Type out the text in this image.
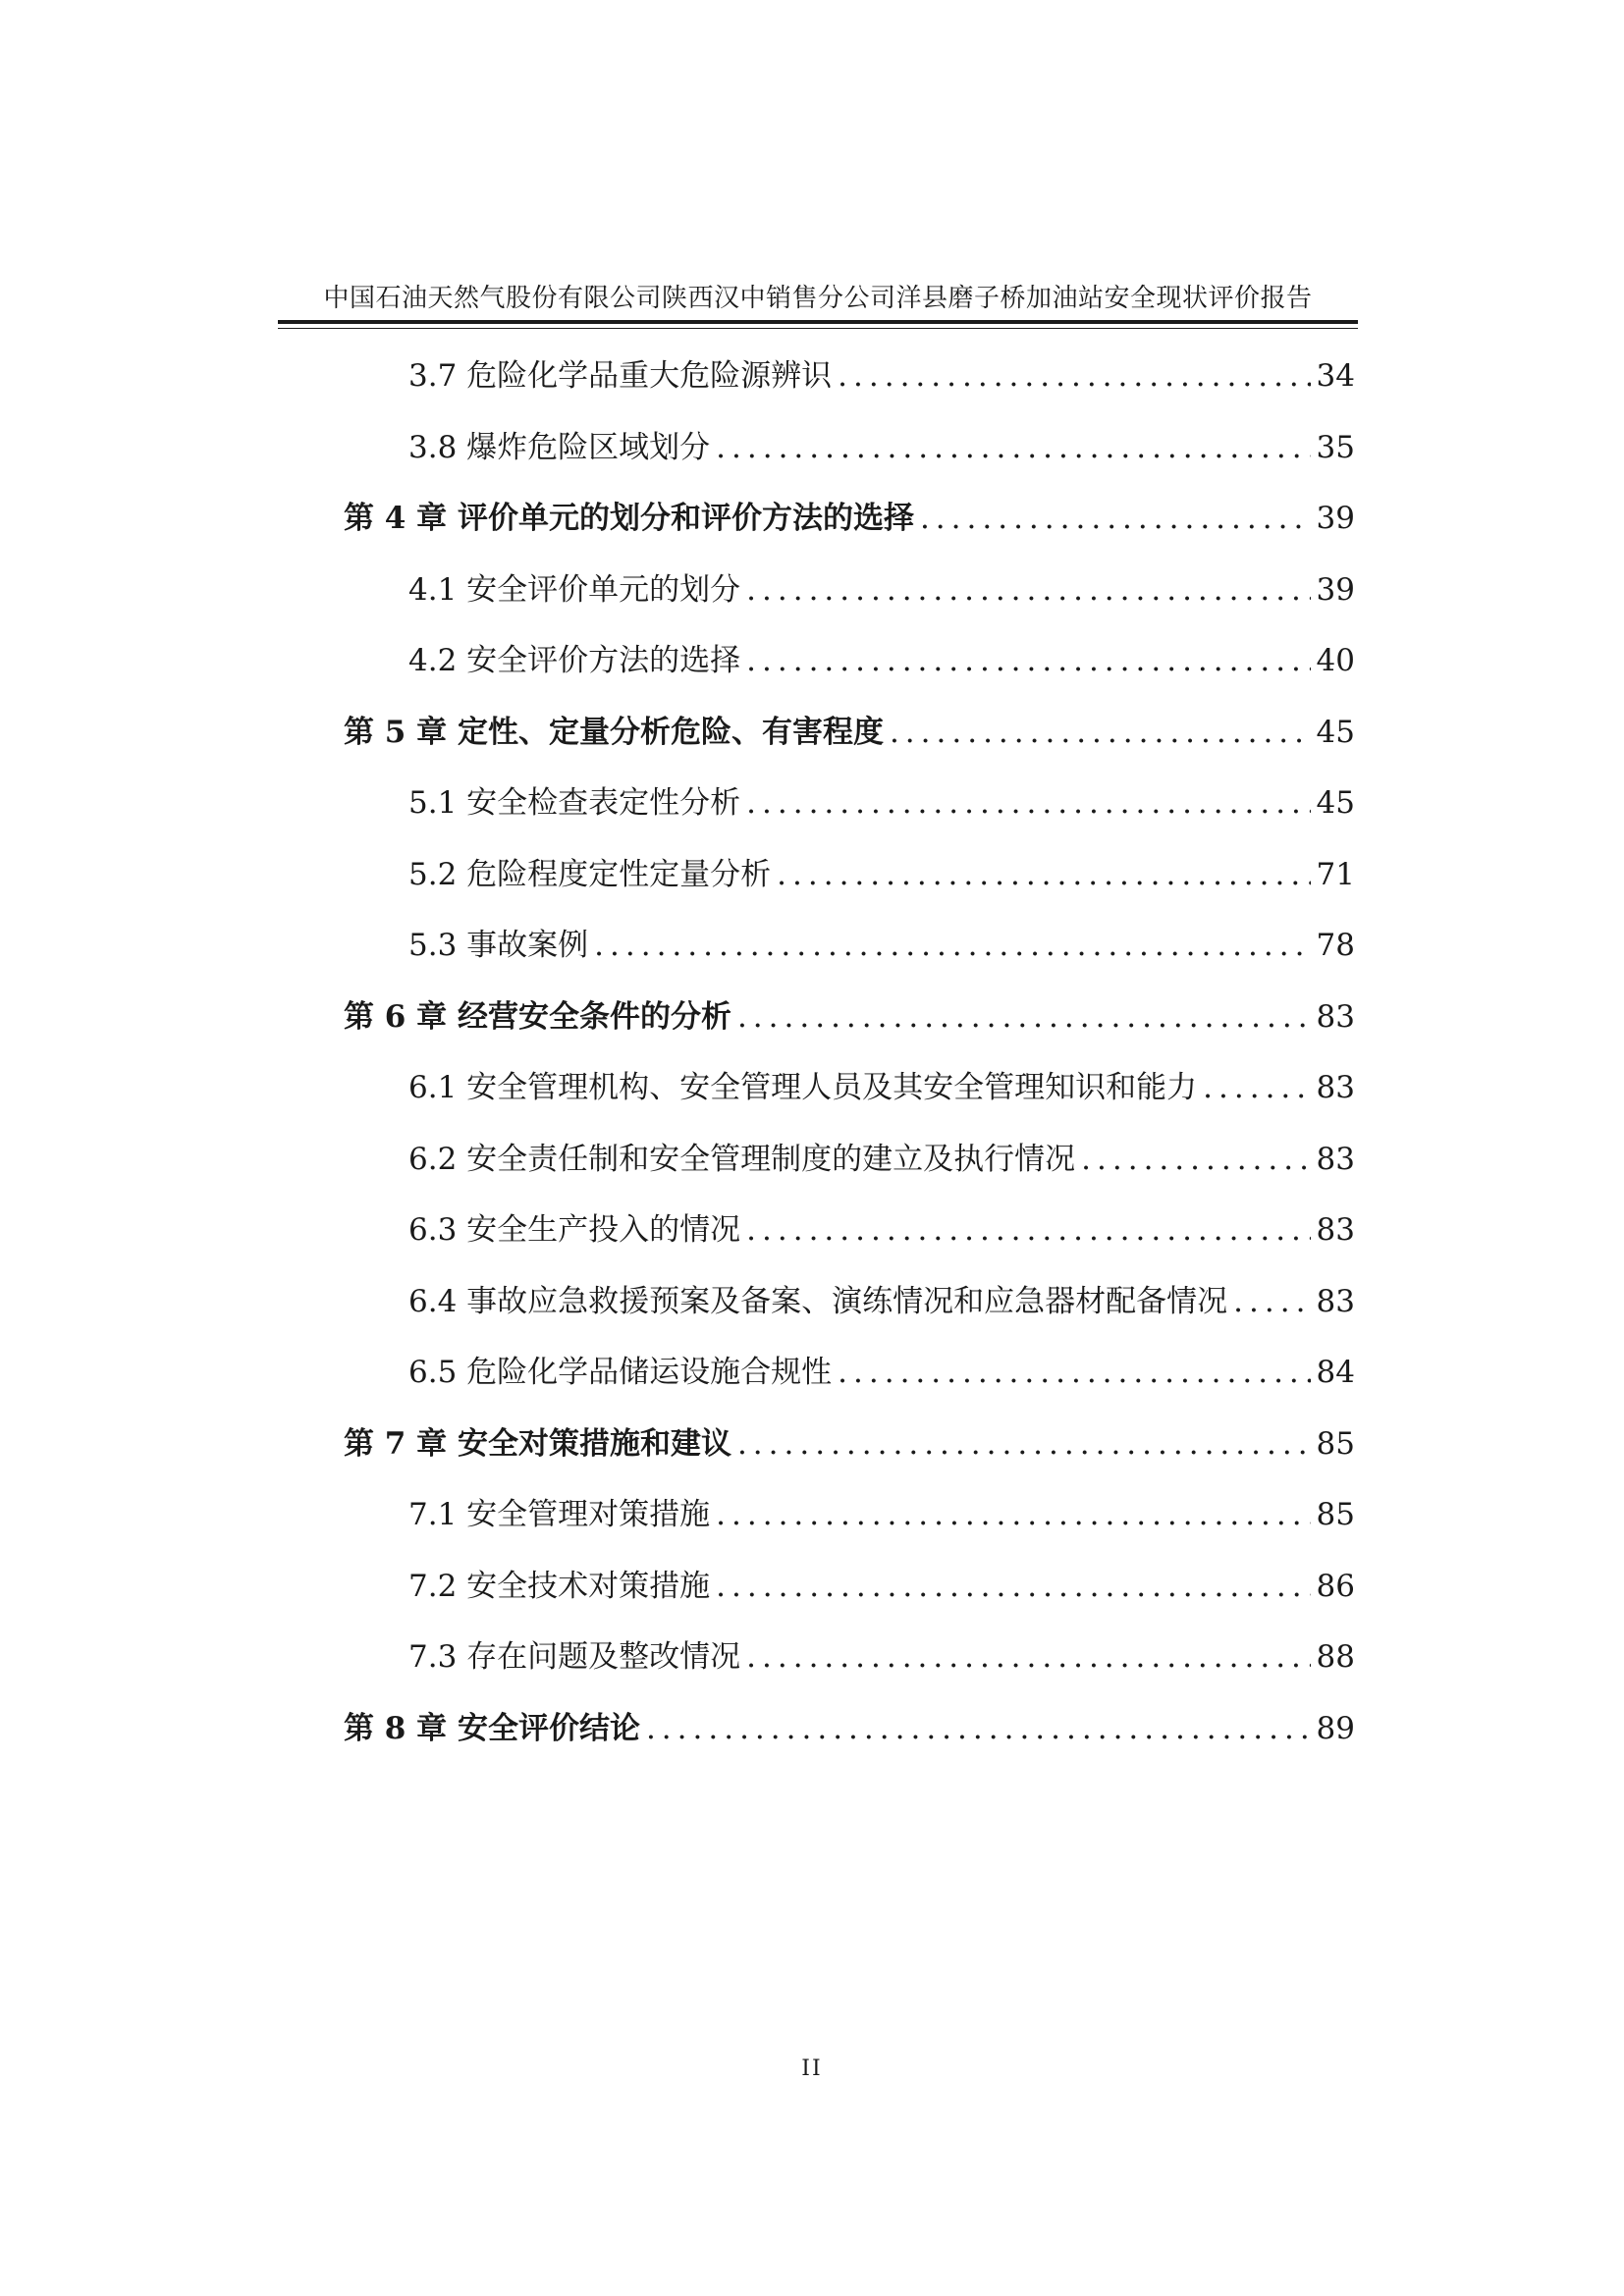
中国石油天然气股份有限公司陕西汉中销售分公司洋县磨子桥加油站安全现状评价报告
3.7 危险化学品重大危险源辨识 .....	34
3.8 爆炸危险区域划分 .....	35
第 4 章 评价单元的划分和评价方法的选择 .....	39
4.1 安全评价单元的划分 .....	39
4.2 安全评价方法的选择 .....	40
第 5 章 定性、定量分析危险、有害程度 .....	45
5.1 安全检查表定性分析 .....	45
5.2 危险程度定性定量分析 .....	71
5.3 事故案例 .....	78
第 6 章 经营安全条件的分析 .....	83
6.1 安全管理机构、安全管理人员及其安全管理知识和能力 .....	83
6.2 安全责任制和安全管理制度的建立及执行情况 .....	83
6.3 安全生产投入的情况 .....	83
6.4 事故应急救援预案及备案、演练情况和应急器材配备情况 .....	83
6.5 危险化学品储运设施合规性 .....	84
第 7 章 安全对策措施和建议 .....	85
7.1 安全管理对策措施 .....	85
7.2 安全技术对策措施 .....	86
7.3 存在问题及整改情况 .....	88
第 8 章 安全评价结论 .....	89
II
